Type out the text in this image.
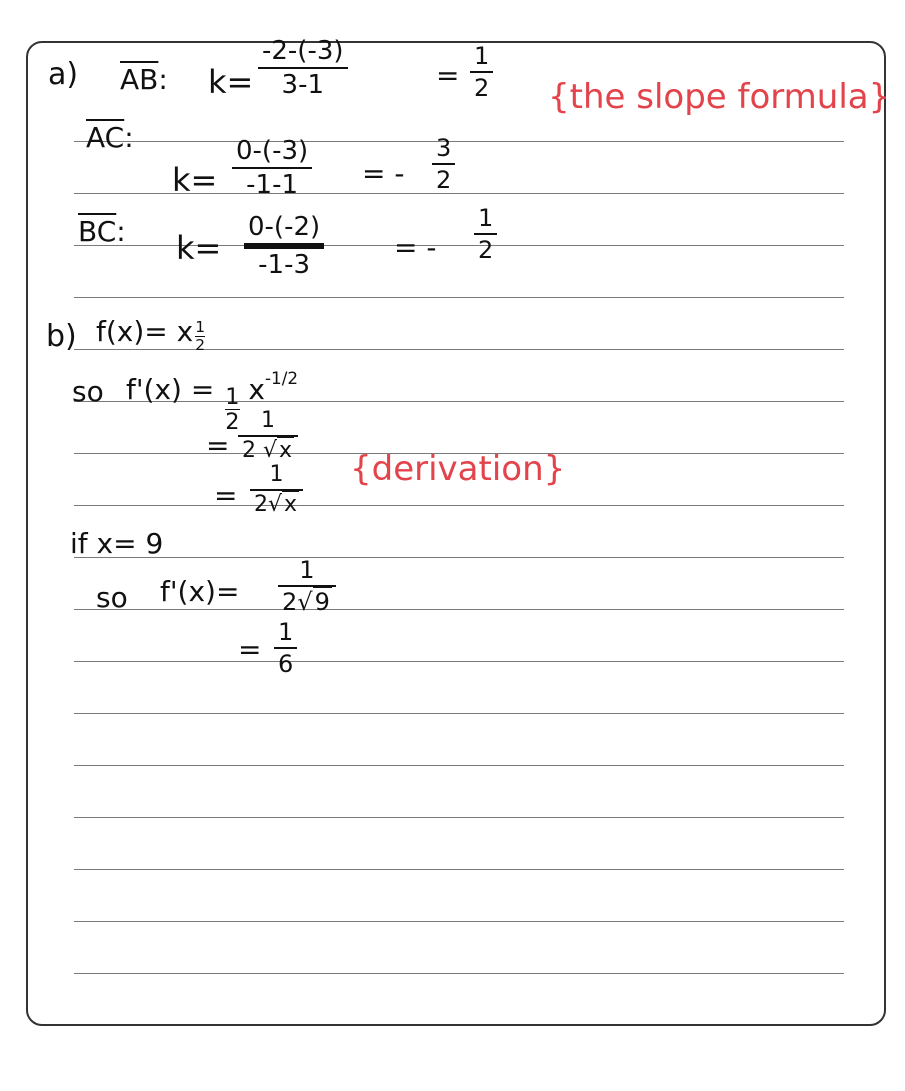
a) $\overline{AB}$: k=
-2-(-3)
3-1	=
1
2 {the slope formula}
$\overline{AC}$:
k=
0-(-3)
-1-1 = -
3
2
$\overline{BC}$: k=
0-(-2)
-1-3
= -
1
2
b) f(x)= x $\frac{1}{2}$
so $f'(x) = \frac{1}{2} x^{-1/2}$
=
1
2 √x
=
1
2√x
{derivation}
if x= 9
so f'(x)=
1
2√9
=
1
6
